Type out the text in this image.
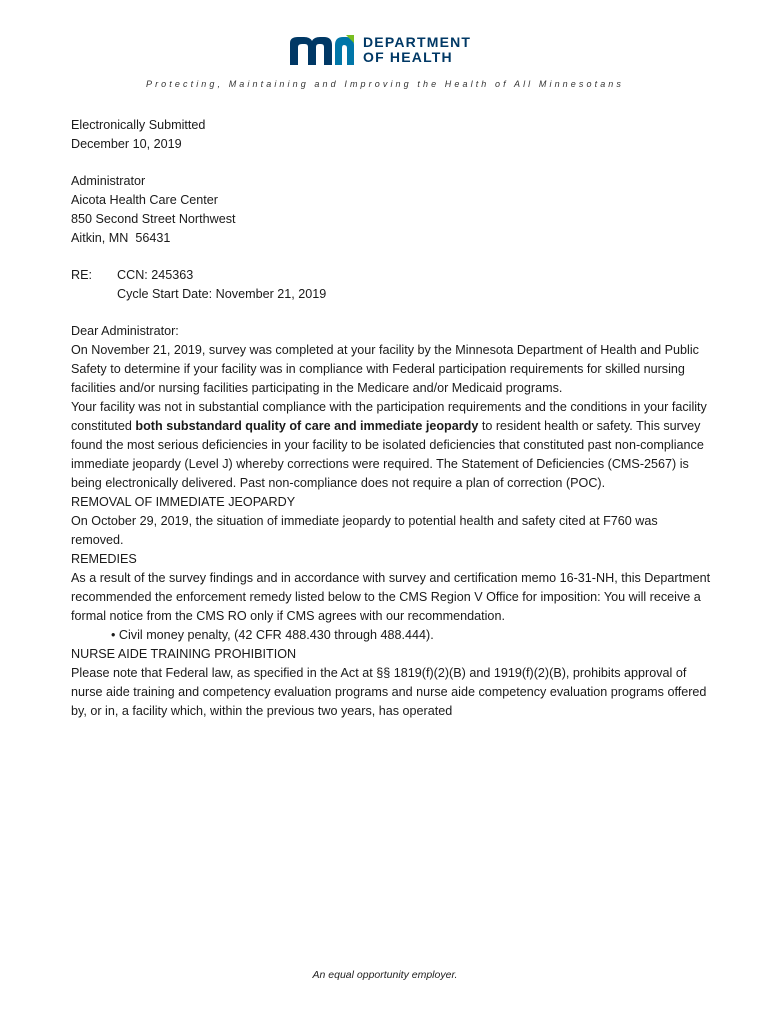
DEPARTMENT
OF HEALTH
Protecting, Maintaining and Improving the Health of All Minnesotans

Electronically Submitted

December 10, 2019

Administrator

Aicota Health Care Center

850 Second Street Northwest

Aitkin, MN  56431

RE:	CCN: 245363
Cycle Start Date: November 21, 2019

Dear Administrator:

On November 21, 2019, survey was completed at your facility by the Minnesota Department of Health and Public Safety to determine if your facility was in compliance with Federal participation requirements for skilled nursing facilities and/or nursing facilities participating in the Medicare and/or Medicaid programs.

Your facility was not in substantial compliance with the participation requirements and the conditions in your facility constituted both substandard quality of care and immediate jeopardy to resident health or safety. This survey found the most serious deficiencies in your facility to be isolated deficiencies that constituted past non-compliance immediate jeopardy (Level J) whereby corrections were required. The Statement of Deficiencies (CMS-2567) is being electronically delivered. Past non-compliance does not require a plan of correction (POC).

REMOVAL OF IMMEDIATE JEOPARDY

On October 29, 2019, the situation of immediate jeopardy to potential health and safety cited at F760 was removed.

REMEDIES

As a result of the survey findings and in accordance with survey and certification memo 16-31-NH, this Department recommended the enforcement remedy listed below to the CMS Region V Office for imposition: You will receive a formal notice from the CMS RO only if CMS agrees with our recommendation.

• Civil money penalty, (42 CFR 488.430 through 488.444).

NURSE AIDE TRAINING PROHIBITION

Please note that Federal law, as specified in the Act at §§ 1819(f)(2)(B) and 1919(f)(2)(B), prohibits approval of nurse aide training and competency evaluation programs and nurse aide competency evaluation programs offered by, or in, a facility which, within the previous two years, has operated

An equal opportunity employer.
